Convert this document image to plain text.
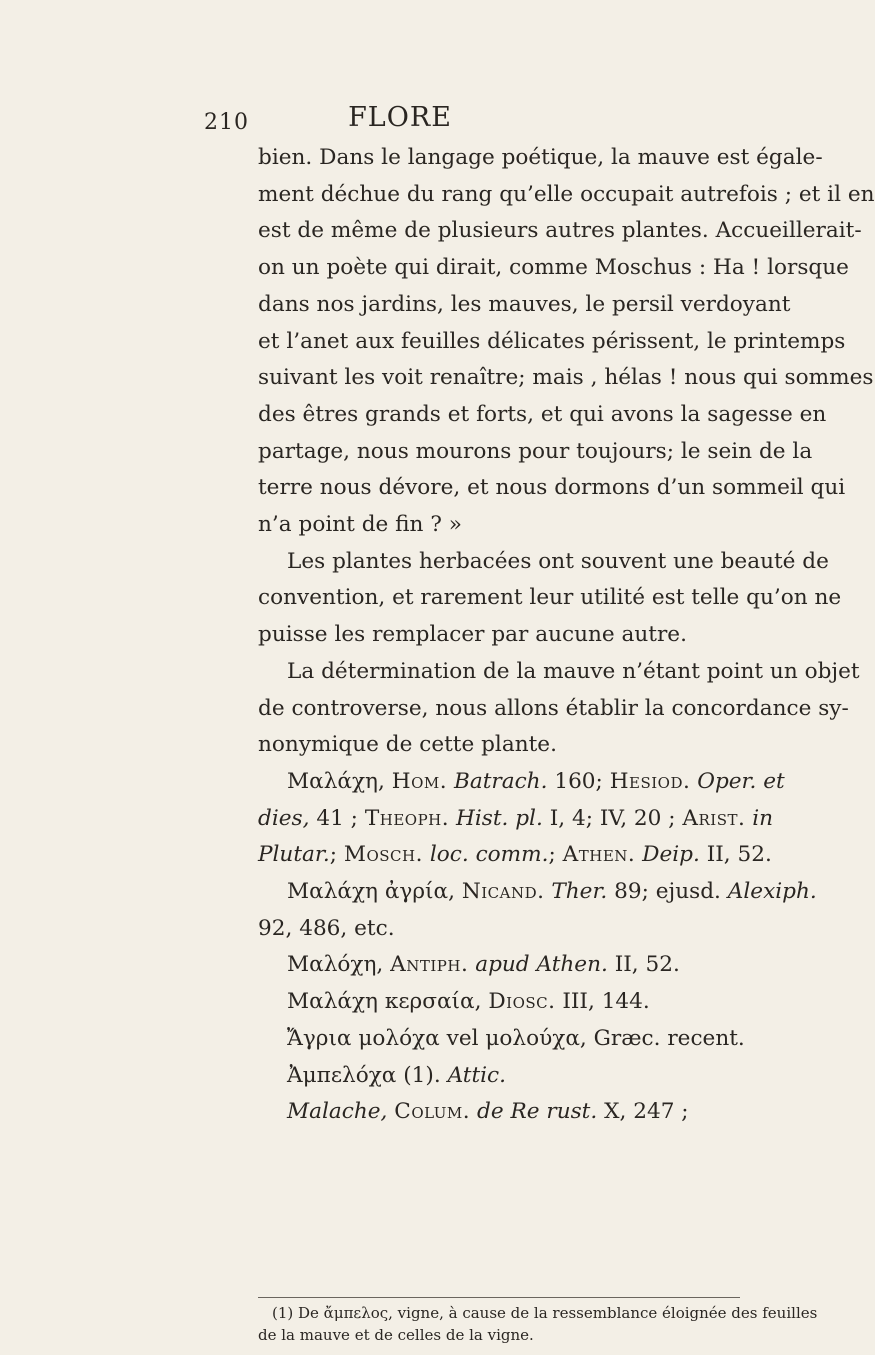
210	FLORE
bien. Dans le langage poétique, la mauve est égale-
ment déchue du rang qu’elle occupait autrefois ; et il en
est de même de plusieurs autres plantes. Accueillerait-
on un poète qui dirait, comme Moschus : Ha ! lorsque
dans nos jardins, les mauves, le persil verdoyant
et l’anet aux feuilles délicates périssent, le printemps
suivant les voit renaître; mais , hélas ! nous qui sommes
des êtres grands et forts, et qui avons la sagesse en
partage, nous mourons pour toujours; le sein de la
terre nous dévore, et nous dormons d’un sommeil qui
n’a point de fin ? »
Les plantes herbacées ont souvent une beauté de
convention, et rarement leur utilité est telle qu’on ne
puisse les remplacer par aucune autre.
La détermination de la mauve n’étant point un objet
de controverse, nous allons établir la concordance sy-
nonymique de cette plante.
Μαλάχη, Hom. Batrach. 160; Hesiod. Oper. et
dies, 41 ; Theoph. Hist. pl. I, 4; IV, 20 ; Arist. in
Plutar.; Mosch. loc. comm.; Athen. Deip. II, 52.
Μαλάχη ἀγρία, Nicand. Ther. 89; ejusd. Alexiph.
92, 486, etc.
Μαλόχη, Antiph. apud Athen. II, 52.
Μαλάχη κερσαία, Diosc. III, 144.
Ἄγρια μολόχα vel μολούχα, Græc. recent.
Ἀμπελόχα (1). Attic.
Malache, Colum. de Re rust. X, 247 ;
(1) De ἄμπελος, vigne, à cause de la ressemblance éloignée des feuilles
de la mauve et de celles de la vigne.
